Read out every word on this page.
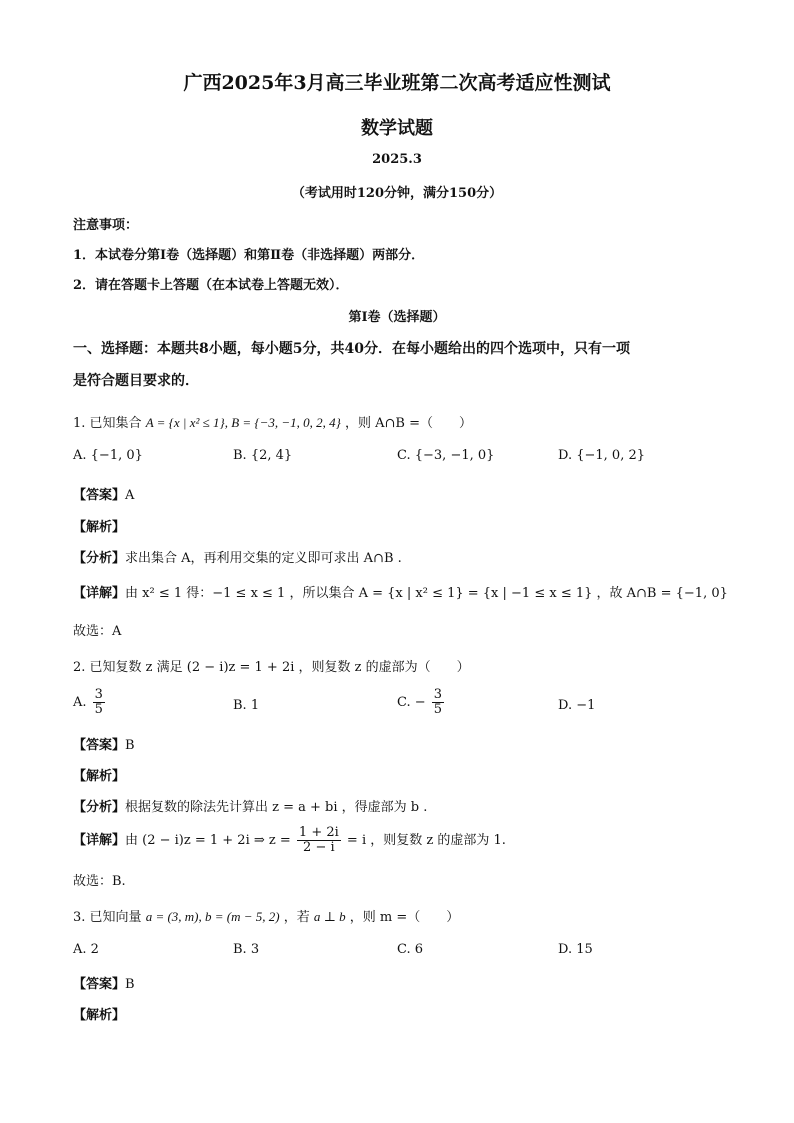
广西2025年3月高三毕业班第二次高考适应性测试
数学试题
2025.3
（考试用时120分钟，满分150分）
注意事项：
1．本试卷分第Ⅰ卷（选择题）和第Ⅱ卷（非选择题）两部分．
2．请在答题卡上答题（在本试卷上答题无效）．
第Ⅰ卷（选择题）
一、选择题：本题共8小题，每小题5分，共40分．在每小题给出的四个选项中，只有一项
是符合题目要求的．
1. 已知集合 A = {x | x² ≤ 1}, B = {−3, −1, 0, 2, 4} ，则 A∩B =（　　）
A. {−1, 0}	B. {2, 4}	C. {−3, −1, 0}	D. {−1, 0, 2}
【答案】A
【解析】
【分析】求出集合 A，再利用交集的定义即可求出 A∩B .
【详解】由 x² ≤ 1 得：−1 ≤ x ≤ 1 ，所以集合 A = {x | x² ≤ 1} = {x | −1 ≤ x ≤ 1} ，故 A∩B = {−1, 0}
故选：A
2. 已知复数 z 满足 (2 − i)z = 1 + 2i ，则复数 z 的虚部为（　　）
A. $\frac{3}{5}$	B. 1	C. − $\frac{3}{5}$	D. −1
【答案】B
【解析】
【分析】根据复数的除法先计算出 z = a + bi ，得虚部为 b .
【详解】由 (2 − i)z = 1 + 2i ⇒ $z = \frac{1 + 2i}{2 - i} = i$ ，则复数 z 的虚部为 1.
故选：B.
3. 已知向量 a = (3, m), b = (m − 5, 2) ，若 a ⊥ b ，则 m =（　　）
A. 2	B. 3	C. 6	D. 15
【答案】B
【解析】
